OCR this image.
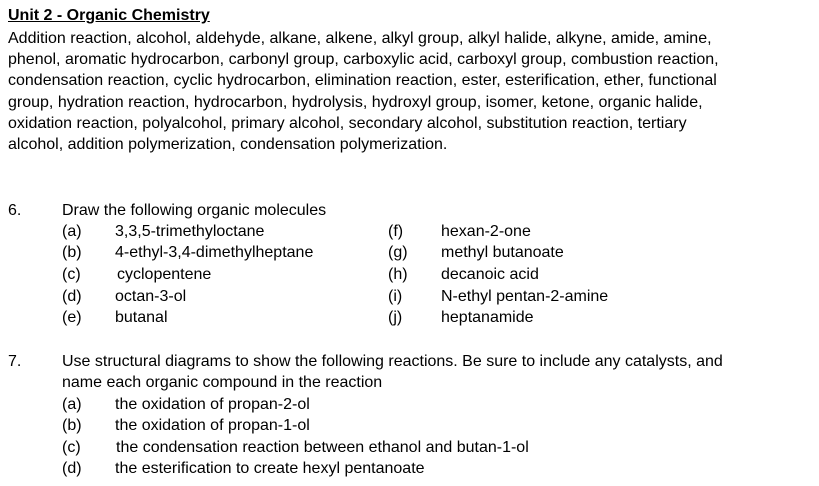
Unit 2 - Organic Chemistry
Addition reaction, alcohol, aldehyde, alkane, alkene, alkyl group, alkyl halide, alkyne, amide, amine,
phenol, aromatic hydrocarbon, carbonyl group, carboxylic acid, carboxyl group, combustion reaction,
condensation reaction, cyclic hydrocarbon, elimination reaction, ester, esterification, ether, functional
group, hydration reaction, hydrocarbon, hydrolysis, hydroxyl group, isomer, ketone, organic halide,
oxidation reaction, polyalcohol, primary alcohol, secondary alcohol, substitution reaction, tertiary
alcohol, addition polymerization, condensation polymerization.
6.	Draw the following organic molecules
(a) 3,3,5-trimethyloctane	(f) hexan-2-one
(b) 4-ethyl-3,4-dimethylheptane	(g) methyl butanoate
(c) cyclopentene	(h) decanoic acid
(d) octan-3-ol	(i) N-ethyl pentan-2-amine
(e) butanal	(j) heptanamide
7.	Use structural diagrams to show the following reactions. Be sure to include any catalysts, and
name each organic compound in the reaction
(a) the oxidation of propan-2-ol
(b) the oxidation of propan-1-ol
(c) the condensation reaction between ethanol and butan-1-ol
(d) the esterification to create hexyl pentanoate
